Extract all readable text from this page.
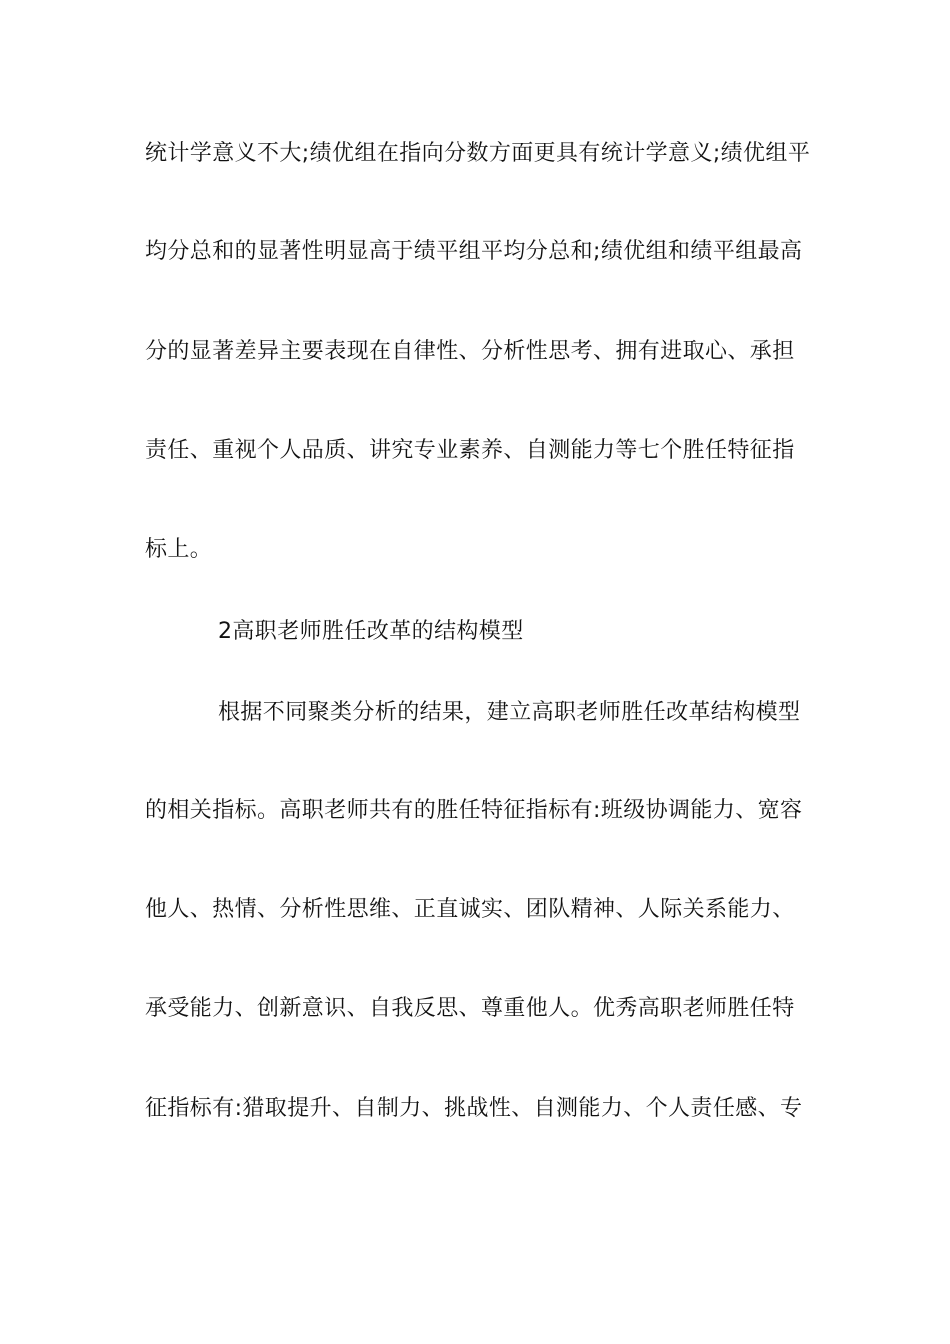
统计学意义不大;绩优组在指向分数方面更具有统计学意义;绩优组平
均分总和的显著性明显高于绩平组平均分总和;绩优组和绩平组最高
分的显著差异主要表现在自律性、分析性思考、拥有进取心、承担
责任、重视个人品质、讲究专业素养、自测能力等七个胜任特征指
标上。
2高职老师胜任改革的结构模型
根据不同聚类分析的结果，建立高职老师胜任改革结构模型
的相关指标。高职老师共有的胜任特征指标有:班级协调能力、宽容
他人、热情、分析性思维、正直诚实、团队精神、人际关系能力、
承受能力、创新意识、自我反思、尊重他人。优秀高职老师胜任特
征指标有:猎取提升、自制力、挑战性、自测能力、个人责任感、专
